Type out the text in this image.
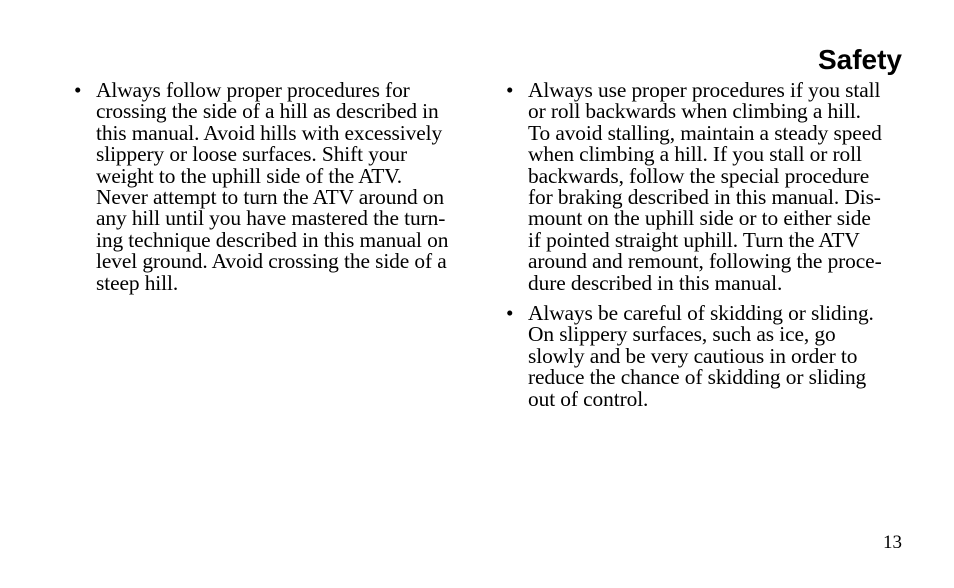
Safety
• Always follow proper procedures for
crossing the side of a hill as described in
this manual. Avoid hills with excessively
slippery or loose surfaces. Shift your
weight to the uphill side of the ATV.
Never attempt to turn the ATV around on
any hill until you have mastered the turn-
ing technique described in this manual on
level ground. Avoid crossing the side of a
steep hill.
• Always use proper procedures if you stall
or roll backwards when climbing a hill.
To avoid stalling, maintain a steady speed
when climbing a hill. If you stall or roll
backwards, follow the special procedure
for braking described in this manual. Dis-
mount on the uphill side or to either side
if pointed straight uphill. Turn the ATV
around and remount, following the proce-
dure described in this manual.
• Always be careful of skidding or sliding.
On slippery surfaces, such as ice, go
slowly and be very cautious in order to
reduce the chance of skidding or sliding
out of control.
13
